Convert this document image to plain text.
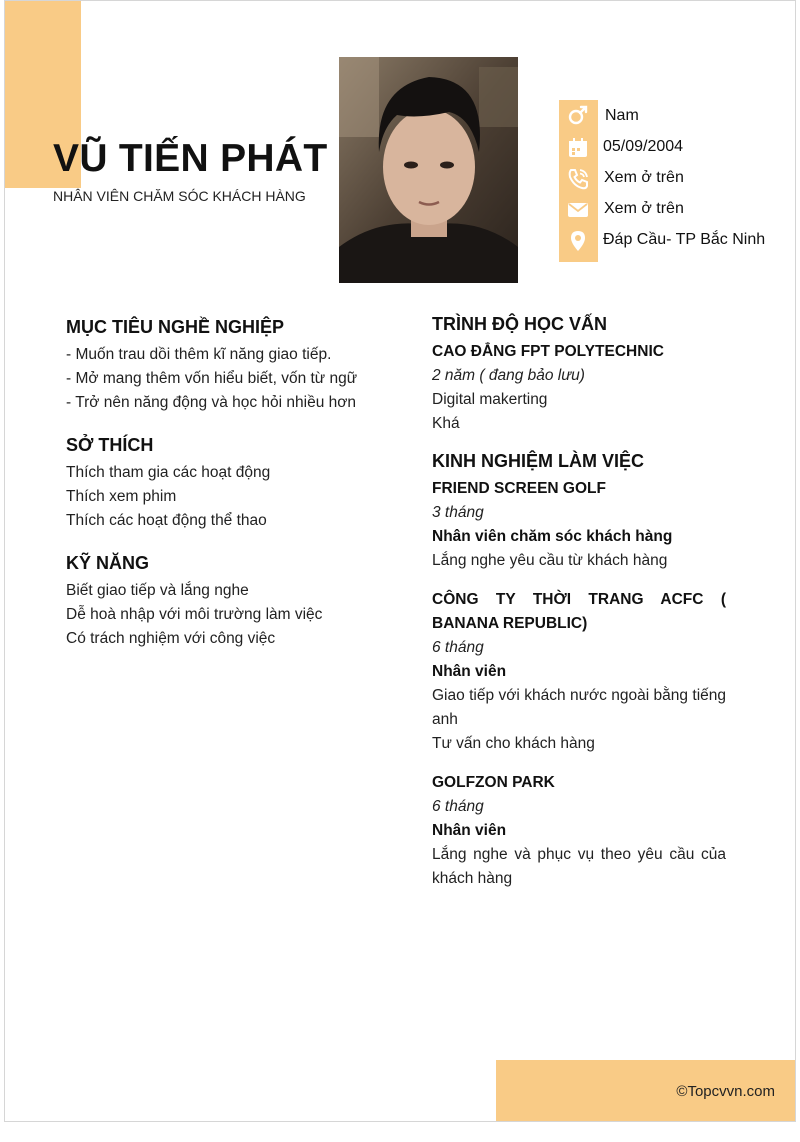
VŨ TIẾN PHÁT
NHÂN VIÊN CHĂM SÓC KHÁCH HÀNG
Nam
05/09/2004
Xem ở trên
Xem ở trên
Đáp Cầu- TP Bắc Ninh
MỤC TIÊU NGHỀ NGHIỆP
- Muốn trau dồi thêm kĩ năng giao tiếp.
- Mở mang thêm vốn hiểu biết, vốn từ ngữ
- Trở nên năng động và học hỏi nhiều hơn
SỞ THÍCH
Thích tham gia các hoạt động
Thích xem phim
Thích các hoạt động thể thao
KỸ NĂNG
Biết giao tiếp và lắng nghe
Dễ hoà nhập với môi trường làm việc
Có trách nghiệm với công việc
TRÌNH ĐỘ HỌC VẤN
CAO ĐẲNG FPT POLYTECHNIC
2 năm ( đang bảo lưu)
Digital makerting
Khá
KINH NGHIỆM LÀM VIỆC
FRIEND SCREEN GOLF
3 tháng
Nhân viên chăm sóc khách hàng
Lắng nghe yêu cầu từ khách hàng
CÔNG TY THỜI TRANG ACFC ( BANANA REPUBLIC)
6 tháng
Nhân viên
Giao tiếp với khách nước ngoài bằng tiếng anh
Tư vấn cho khách hàng
GOLFZON PARK
6 tháng
Nhân viên
Lắng nghe và phục vụ theo yêu cầu của khách hàng
©Topcvvn.com
